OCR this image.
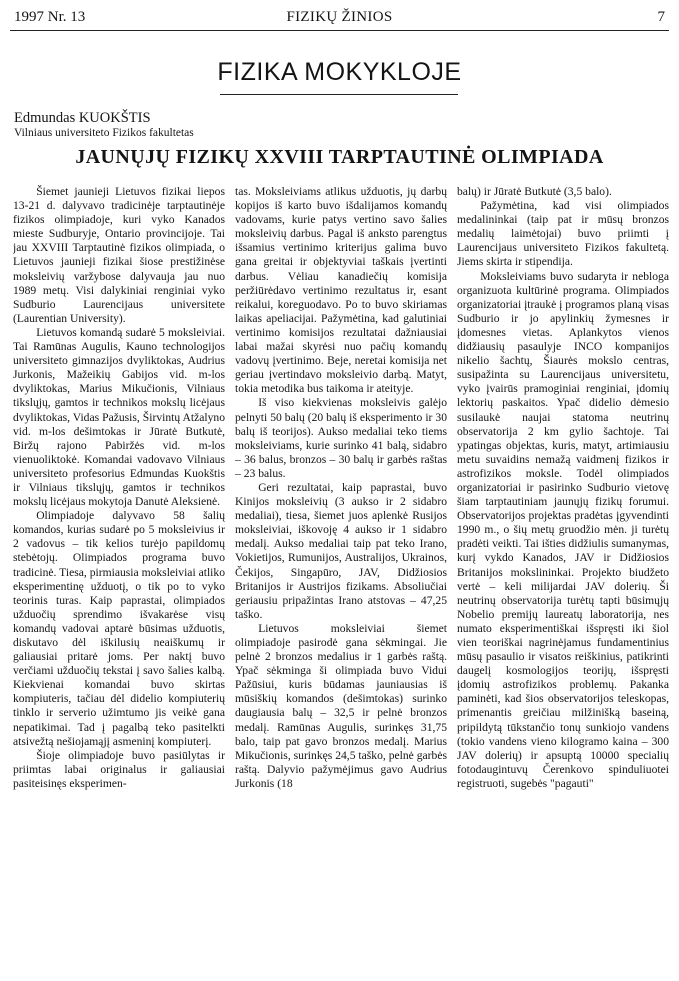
1997 Nr. 13	FIZIKŲ ŽINIOS	7
FIZIKA MOKYKLOJE
Edmundas KUOKŠTIS
Vilniaus universiteto Fizikos fakultetas
JAUNŲJŲ FIZIKŲ XXVIII TARPTAUTINĖ OLIMPIADA

Šiemet jaunieji Lietuvos fizikai liepos 13-21 d. dalyvavo tradicinėje tarptautinėje fizikos olimpiadoje, kuri vyko Kanados mieste Sudburyje, Ontario provincijoje. Tai jau XXVIII Tarptautinė fizikos olimpiada, o Lietuvos jaunieji fizikai šiose prestižinėse moksleivių varžybose dalyvauja jau nuo 1989 metų. Visi dalykiniai renginiai vyko Sudburio Laurencijaus universitete (Laurentian University).

Lietuvos komandą sudarė 5 moksleiviai. Tai Ramūnas Augulis, Kauno technologijos universiteto gimnazijos dvyliktokas, Audrius Jurkonis, Mažeikių Gabijos vid. m-los dvyliktokas, Marius Mikučionis, Vilniaus tikslųjų, gamtos ir technikos mokslų licėjaus dvyliktokas, Vidas Pažusis, Širvintų Atžalyno vid. m-los dešimtokas ir Jūratė Butkutė, Biržų rajono Pabiržės vid. m-los vienuoliktokė. Komandai vadovavo Vilniaus universiteto profesorius Edmundas Kuokštis ir Vilniaus tikslųjų, gamtos ir technikos mokslų licėjaus mokytoja Danutė Aleksienė.

Olimpiadoje dalyvavo 58 šalių komandos, kurias sudarė po 5 moksleivius ir 2 vadovus – tik kelios turėjo papildomų stebėtojų. Olimpiados programa buvo tradicinė. Tiesa, pirmiausia moksleiviai atliko eksperimentinę užduotį, o tik po to vyko teorinis turas. Kaip paprastai, olimpiados užduočių sprendimo išvakarėse visų komandų vadovai aptarė būsimas užduotis, diskutavo dėl iškilusių neaiškumų ir galiausiai pritarė joms. Per naktį buvo verčiami užduočių tekstai į savo šalies kalbą. Kiekvienai komandai buvo skirtas kompiuteris, tačiau dėl didelio kompiuterių tinklo ir serverio užimtumo jis veikė gana nepatikimai. Tad į pagalbą teko pasitelkti atsivežtą nešiojamąjį asmeninį kompiuterį.

Šioje olimpiadoje buvo pasiūlytas ir priimtas labai originalus ir galiausiai pasiteisinęs eksperimen-

tas. Moksleiviams atlikus užduotis, jų darbų kopijos iš karto buvo išdalijamos komandų vadovams, kurie patys vertino savo šalies moksleivių darbus. Pagal iš anksto parengtus išsamius vertinimo kriterijus galima buvo gana greitai ir objektyviai taškais įvertinti darbus. Vėliau kanadiečių komisija peržiūrėdavo vertinimo rezultatus ir, esant reikalui, koreguodavo. Po to buvo skiriamas laikas apeliacijai. Pažymėtina, kad galutiniai vertinimo komisijos rezultatai dažniausiai labai mažai skyrėsi nuo pačių komandų vadovų įvertinimo. Beje, neretai komisija net geriau įvertindavo moksleivio darbą. Matyt, tokia metodika bus taikoma ir ateityje.

Iš viso kiekvienas moksleivis galėjo pelnyti 50 balų (20 balų iš eksperimento ir 30 balų iš teorijos). Aukso medaliai teko tiems moksleiviams, kurie surinko 41 balą, sidabro – 36 balus, bronzos – 30 balų ir garbės raštas – 23 balus.

Geri rezultatai, kaip paprastai, buvo Kinijos moksleivių (3 aukso ir 2 sidabro medaliai), tiesa, šiemet juos aplenkė Rusijos moksleiviai, iškovoję 4 aukso ir 1 sidabro medalį. Aukso medaliai taip pat teko Irano, Vokietijos, Rumunijos, Australijos, Ukrainos, Čekijos, Singapūro, JAV, Didžiosios Britanijos ir Austrijos fizikams. Absoliučiai geriausiu pripažintas Irano atstovas – 47,25 taško.

Lietuvos moksleiviai šiemet olimpiadoje pasirodė gana sėkmingai. Jie pelnė 2 bronzos medalius ir 1 garbės raštą. Ypač sėkminga ši olimpiada buvo Vidui Pažūsiui, kuris būdamas jauniausias iš mūsiškių komandos (dešimtokas) surinko daugiausia balų – 32,5 ir pelnė bronzos medalį. Ramūnas Augulis, surinkęs 31,75 balo, taip pat gavo bronzos medalį. Marius Mikučionis, surinkęs 24,5 taško, pelnė garbės raštą. Dalyvio pažymėjimus gavo Audrius Jurkonis (18

balų) ir Jūratė Butkutė (3,5 balo).

Pažymėtina, kad visi olimpiados medalininkai (taip pat ir mūsų bronzos medalių laimėtojai) buvo priimti į Laurencijaus universiteto Fizikos fakultetą. Jiems skirta ir stipendija.

Moksleiviams buvo sudaryta ir nebloga organizuota kultūrinė programa. Olimpiados organizatoriai įtraukė į programos planą visas Sudburio ir jo apylinkių žymesnes ir įdomesnes vietas. Aplankytos vienos didžiausių pasaulyje INCO kompanijos nikelio šachtų, Šiaurės mokslo centras, susipažinta su Laurencijaus universitetu, vyko įvairūs pramoginiai renginiai, įdomių lektorių paskaitos. Ypač didelio dėmesio susilaukė naujai statoma neutrinų observatorija 2 km gylio šachtoje. Tai ypatingas objektas, kuris, matyt, artimiausiu metu suvaidins nemažą vaidmenį fizikos ir astrofizikos moksle. Todėl olimpiados organizatoriai ir pasirinko Sudburio vietovę šiam tarptautiniam jaunųjų fizikų forumui. Observatorijos projektas pradėtas įgyvendinti 1990 m., o šių metų gruodžio mėn. ji turėtų pradėti veikti. Tai išties didžiulis sumanymas, kurį vykdo Kanados, JAV ir Didžiosios Britanijos mokslininkai. Projekto biudžeto vertė – keli milijardai JAV dolerių. Ši neutrinų observatorija turėtų tapti būsimųjų Nobelio premijų laureatų laboratorija, nes numato eksperimentiškai išspręsti iki šiol vien teoriškai nagrinėjamus fundamentinius mūsų pasaulio ir visatos reiškinius, patikrinti daugelį kosmologijos teorijų, išspręsti įdomių astrofizikos problemų. Pakanka paminėti, kad šios observatorijos teleskopas, primenantis greičiau milžinišką baseiną, pripildytą tūkstančio tonų sunkiojo vandens (tokio vandens vieno kilogramo kaina – 300 JAV dolerių) ir apsuptą 10000 specialių fotodaugintuvų Čerenkovo spinduliuotei registruoti, sugebės "pagauti"
